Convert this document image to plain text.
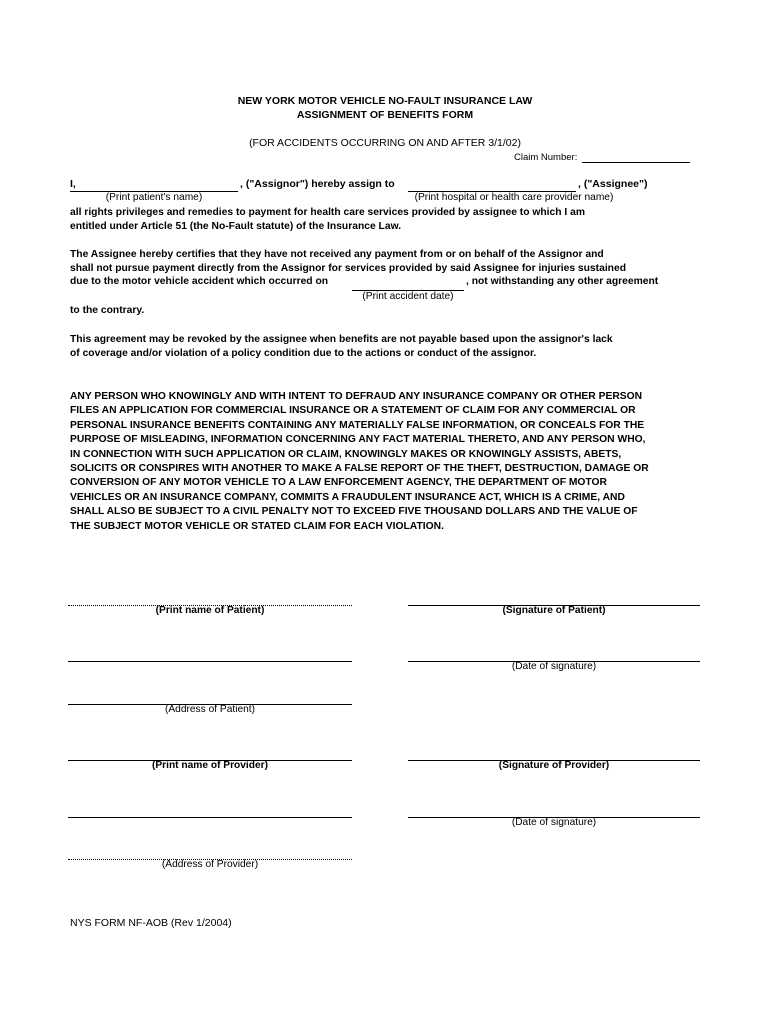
NEW YORK MOTOR VEHICLE NO-FAULT INSURANCE LAW
ASSIGNMENT OF BENEFITS FORM
(FOR ACCIDENTS OCCURRING ON AND AFTER 3/1/02)
Claim Number:
I,	, ("Assignor") hereby assign to	, ("Assignee")
(Print patient's name)	(Print hospital or health care provider name)
all rights privileges and remedies to payment for health care services provided by assignee to which I am
entitled under Article 51 (the No-Fault statute) of the Insurance Law.
The Assignee hereby certifies that they have not received any payment from or on behalf of the Assignor and
shall not pursue payment directly from the Assignor for services provided by said Assignee for injuries sustained
due to the motor vehicle accident which occurred on	, not withstanding any other agreement
(Print accident date)
to the contrary.
This agreement may be revoked by the assignee when benefits are not payable based upon the assignor's lack
of coverage and/or violation of a policy condition due to the actions or conduct of the assignor.
ANY PERSON WHO KNOWINGLY AND WITH INTENT TO DEFRAUD ANY INSURANCE COMPANY OR OTHER PERSON
FILES AN APPLICATION FOR COMMERCIAL INSURANCE OR A STATEMENT OF CLAIM FOR ANY COMMERCIAL OR
PERSONAL INSURANCE BENEFITS CONTAINING ANY MATERIALLY FALSE INFORMATION, OR CONCEALS FOR THE
PURPOSE OF MISLEADING, INFORMATION CONCERNING ANY FACT MATERIAL THERETO, AND ANY PERSON WHO,
IN CONNECTION WITH SUCH APPLICATION OR CLAIM, KNOWINGLY MAKES OR KNOWINGLY ASSISTS, ABETS,
SOLICITS OR CONSPIRES WITH ANOTHER TO MAKE A FALSE REPORT OF THE THEFT, DESTRUCTION, DAMAGE OR
CONVERSION OF ANY MOTOR VEHICLE TO A LAW ENFORCEMENT AGENCY, THE DEPARTMENT OF MOTOR
VEHICLES OR AN INSURANCE COMPANY, COMMITS A FRAUDULENT INSURANCE ACT, WHICH IS A CRIME, AND
SHALL ALSO BE SUBJECT TO A CIVIL PENALTY NOT TO EXCEED FIVE THOUSAND DOLLARS AND THE VALUE OF
THE SUBJECT MOTOR VEHICLE OR STATED CLAIM FOR EACH VIOLATION.
(Print name of Patient)	(Signature of Patient)
(Date of signature)
(Address of Patient)
(Print name of Provider)	(Signature of Provider)
(Date of signature)
(Address of Provider)
NYS FORM NF-AOB (Rev 1/2004)
